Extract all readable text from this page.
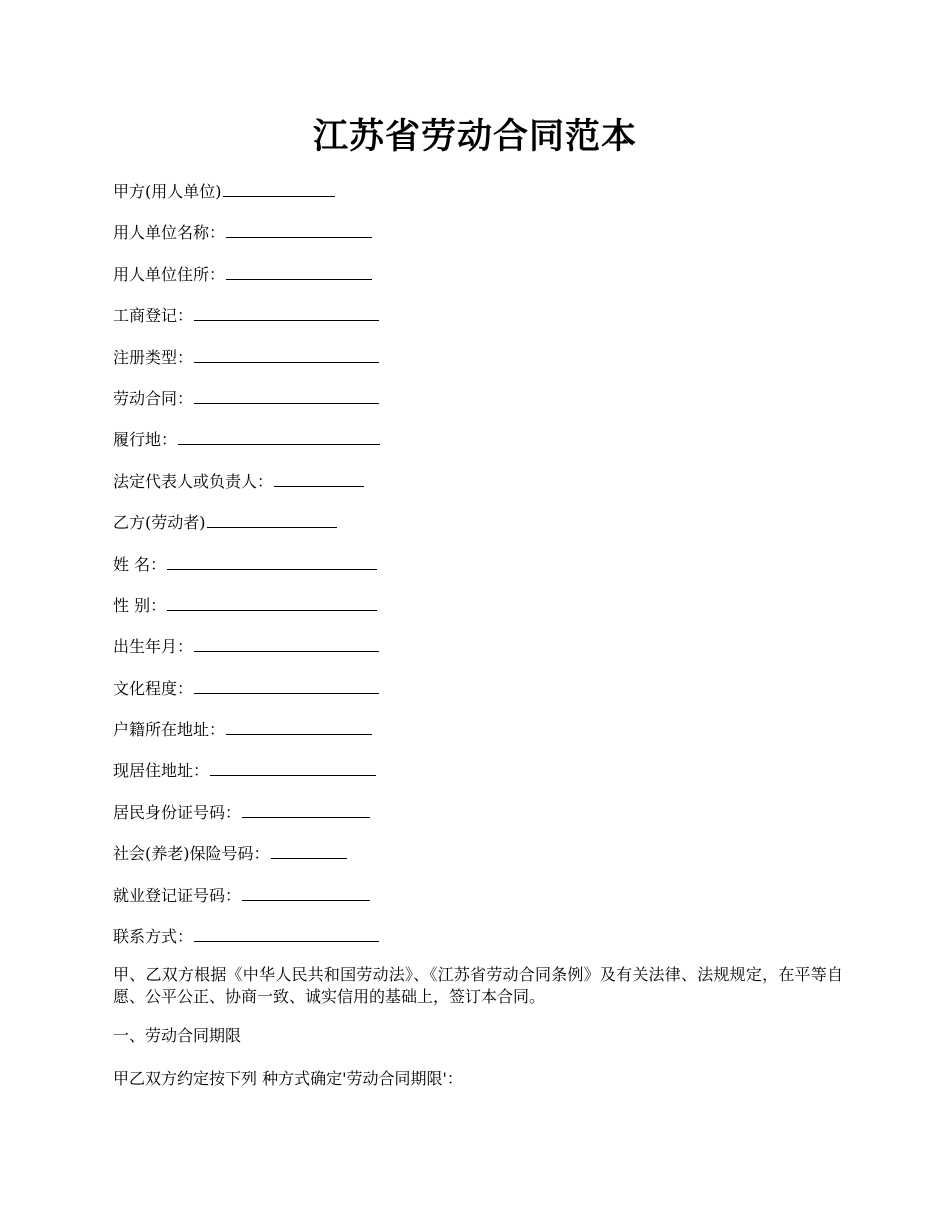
江苏省劳动合同范本
甲方(用人单位)
用人单位名称：
用人单位住所：
工商登记：
注册类型：
劳动合同：
履行地：
法定代表人或负责人：
乙方(劳动者)
姓 名：
性 别：
出生年月：
文化程度：
户籍所在地址：
现居住地址：
居民身份证号码：
社会(养老)保险号码：
就业登记证号码：
联系方式：
甲、乙双方根据《中华人民共和国劳动法》、《江苏省劳动合同条例》及有关法律、法规规定，在平等自愿、公平公正、协商一致、诚实信用的基础上，签订本合同。
一、劳动合同期限
甲乙双方约定按下列 种方式确定'劳动合同期限'：
